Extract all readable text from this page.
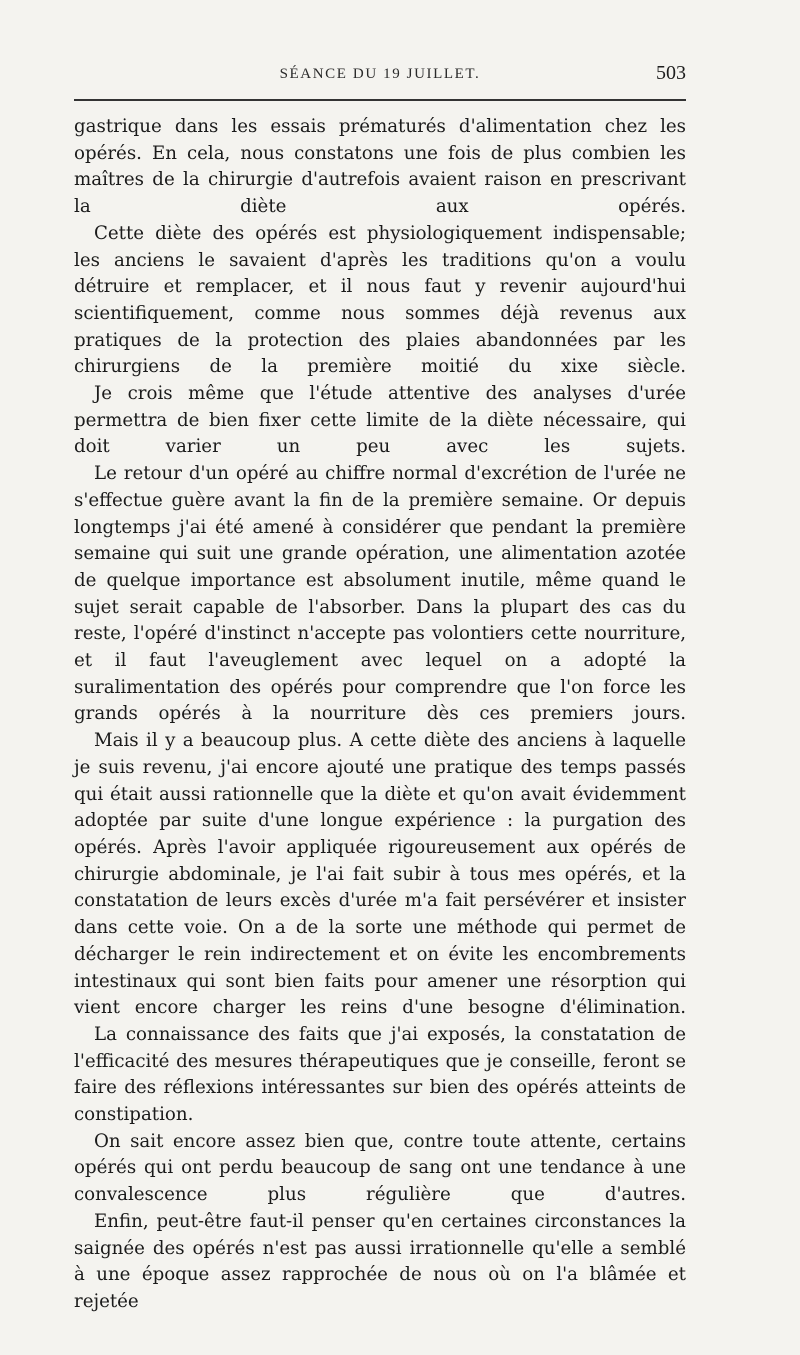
SÉANCE DU 19 JUILLET.	503

gastrique dans les essais prématurés d'alimentation chez les opérés. En cela, nous constatons une fois de plus combien les maîtres de la chirurgie d'autrefois avaient raison en prescrivant la diète aux opérés.

Cette diète des opérés est physiologiquement indispensable; les anciens le savaient d'après les traditions qu'on a voulu détruire et remplacer, et il nous faut y revenir aujourd'hui scientifiquement, comme nous sommes déjà revenus aux pratiques de la protection des plaies abandonnées par les chirurgiens de la première moitié du xixe siècle.

Je crois même que l'étude attentive des analyses d'urée permettra de bien fixer cette limite de la diète nécessaire, qui doit varier un peu avec les sujets.

Le retour d'un opéré au chiffre normal d'excrétion de l'urée ne s'effectue guère avant la fin de la première semaine. Or depuis longtemps j'ai été amené à considérer que pendant la première semaine qui suit une grande opération, une alimentation azotée de quelque importance est absolument inutile, même quand le sujet serait capable de l'absorber. Dans la plupart des cas du reste, l'opéré d'instinct n'accepte pas volontiers cette nourriture, et il faut l'aveuglement avec lequel on a adopté la suralimentation des opérés pour comprendre que l'on force les grands opérés à la nourriture dès ces premiers jours.

Mais il y a beaucoup plus. A cette diète des anciens à laquelle je suis revenu, j'ai encore ajouté une pratique des temps passés qui était aussi rationnelle que la diète et qu'on avait évidemment adoptée par suite d'une longue expérience : la purgation des opérés. Après l'avoir appliquée rigoureusement aux opérés de chirurgie abdominale, je l'ai fait subir à tous mes opérés, et la constatation de leurs excès d'urée m'a fait persévérer et insister dans cette voie. On a de la sorte une méthode qui permet de décharger le rein indirectement et on évite les encombrements intestinaux qui sont bien faits pour amener une résorption qui vient encore charger les reins d'une besogne d'élimination.

La connaissance des faits que j'ai exposés, la constatation de l'efficacité des mesures thérapeutiques que je conseille, feront se faire des réflexions intéressantes sur bien des opérés atteints de constipation.

On sait encore assez bien que, contre toute attente, certains opérés qui ont perdu beaucoup de sang ont une tendance à une convalescence plus régulière que d'autres.

Enfin, peut-être faut-il penser qu'en certaines circonstances la saignée des opérés n'est pas aussi irrationnelle qu'elle a semblé à une époque assez rapprochée de nous où on l'a blâmée et rejetée
